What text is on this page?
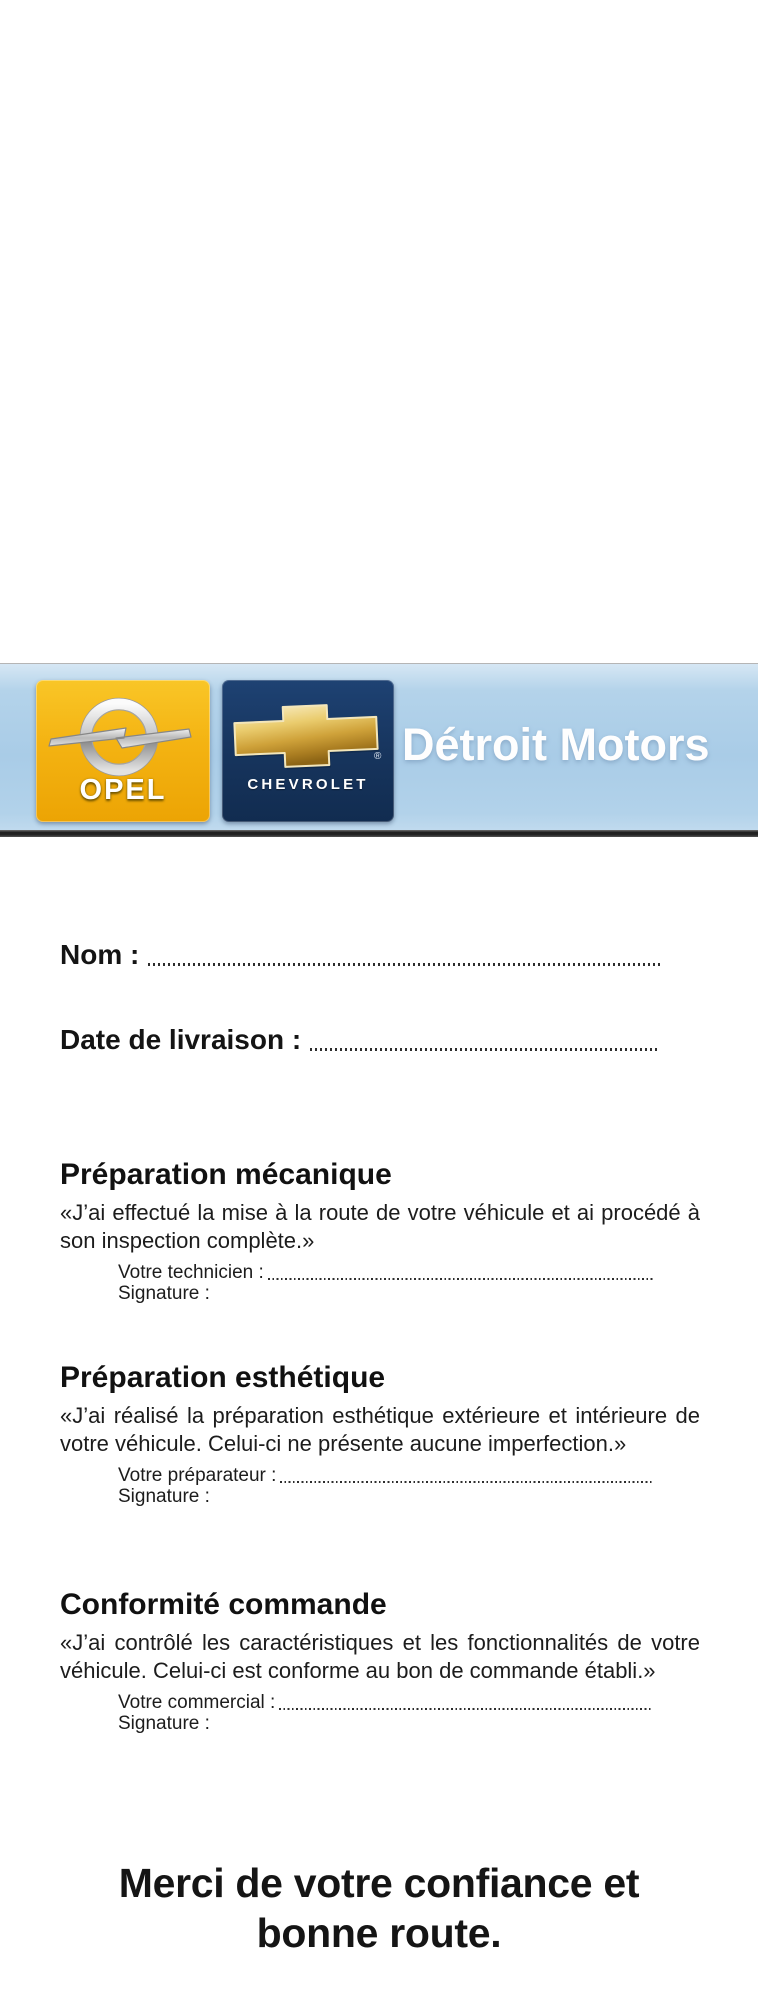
OPEL
®
CHEVROLET
Détroit Motors
Nom :
Date de livraison :
Préparation mécanique

«J’ai effectué la mise à la route de votre véhicule et ai procédé à son inspection complète.»

Votre technicien :
Signature :
Préparation esthétique

«J’ai réalisé la préparation esthétique extérieure et intérieure de votre véhicule. Celui-ci ne présente aucune imperfection.»

Votre préparateur :
Signature :
Conformité commande

«J’ai contrôlé les caractéristiques et les fonctionnalités de votre véhicule. Celui-ci est conforme au bon de commande établi.»

Votre commercial :
Signature :
Merci de votre confiance et
bonne route.
